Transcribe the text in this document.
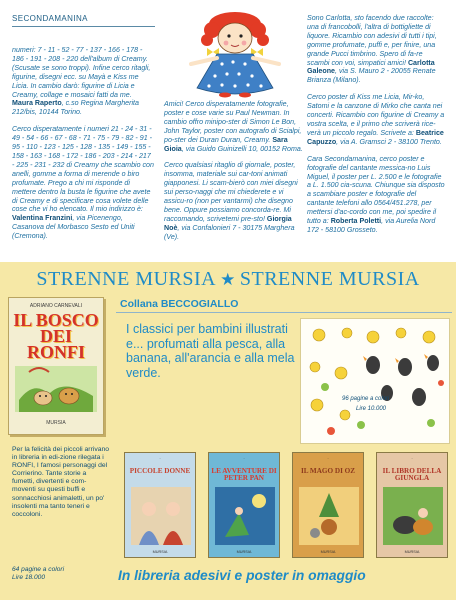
SECONDAMANINA

numeri: 7 - 11 - 52 - 77 - 137 - 166 - 178 - 186 - 191 - 208 - 220 dell'album di Creamy. (Scusate se sono troppi). Infine cerco ritagli, figurine, disegni ecc. su Mayà e Kiss me Licia. In cambio darò: figurine di Licia e Creamy, collage e mosaici fatti da me. Maura Raperto, c.so Regina Margherita 212/bis, 10144 Torino.

Cerco disperatamente i numeri 21 - 24 - 31 - 49 - 54 - 66 - 67 - 68 - 71 - 75 - 79 - 82 - 91 - 95 - 110 - 123 - 125 - 128 - 135 - 149 - 155 - 158 - 163 - 168 - 172 - 186 - 203 - 214 - 217 - 225 - 231 - 232 di Creamy che scambio con anelli, gomme a forma di merende o biro profumate. Prego a chi mi risponde di mettere dentro la busta le figurine che avete di Creamy e di specificare cosa volete delle cose che vi ho elencato. Il mio indirizzo è: Valentina Franzini, via Picenengo, Casanova del Morbasco Sesto ed Uniti (Cremona).

Amici! Cerco disperatamente fotografie, poster e cose varie su Paul Newman. In cambio offro minipo-ster di Simon Le Bon, John Taylor, poster con autografo di Scialpi, po-ster dei Duran Duran, Creamy. Sara Gioia, via Guido Guinizelli 10, 00152 Roma.

Cerco qualsiasi ritaglio di giornale, poster, insomma, materiale sui car-toni animati giapponesi. Li scam-bierò con miei disegni sui perso-naggi che mi chiederete e vi assicu-ro (non per vantarmi) che disegno bene. Oppure possiamo concorda-re. Mi raccomando, scrivetemi pre-sto! Giorgia Noè, via Confalonieri 7 - 30175 Marghera (Ve).

Sono Carlotta, sto facendo due raccolte: una di francobolli, l'altra di bottigliette di liquore. Ricambio con adesivi di tutti i tipi, gomme profumate, puffi e, per finire, una grande Pucci timbrino. Spero di fa-re scambi con voi, simpatici amici! Carlotta Galeone, via S. Mauro 2 - 20055 Renate Brianza (Milano).

Cerco poster di Kiss me Licia, Mir-ko, Satomi e la canzone di Mirko che canta nei concerti. Ricambio con figurine di Creamy a vostra scelta, e il primo che scriverà rice-verà un piccolo regalo. Scrivete a: Beatrice Capuzzo, via A. Gramsci 2 - 38100 Trento.

Cara Secondamanina, cerco poster e fotografie del cantante messica-no Luis Miguel, il poster per L. 2.500 e le fotografie a L. 1.500 cia-scuna. Chiunque sia disposto a scambiare poster e fotografie del cantante telefoni allo 0564/451.278, per mettersi d'ac-cordo con me, poi spedire il tutto a: Roberta Poletti, via Aurelia Nord 172 - 58100 Grosseto.

STRENNE MURSIA ★ STRENNE MURSIA
ADRIANO CARNEVALI
IL BOSCO DEI RONFI
MURSIA
Per la felicità dei piccoli arrivano in libreria in edi-zione rilegata i RONFI, I famosi personaggi del Corrierino. Tante storie a fumetti, divertenti e com-moventi su questi buffi e sonnacchiosi animaletti, un po' insolenti ma tanto teneri e coccoloni.
64 pagine a colori
Lire 18.000
Collana BECCOGIALLO
I classici per bambini illustrati e... profumati alla pesca, alla banana, all'arancia e alla mela verde.
96 pagine a colori
Lire 10.000
·
PICCOLE DONNE
MURSIA
·
LE AVVENTURE DI PETER PAN
MURSIA
·
IL MAGO DI OZ
MURSIA
·
IL LIBRO DELLA GIUNGLA
MURSIA
In libreria adesivi e poster in omaggio
